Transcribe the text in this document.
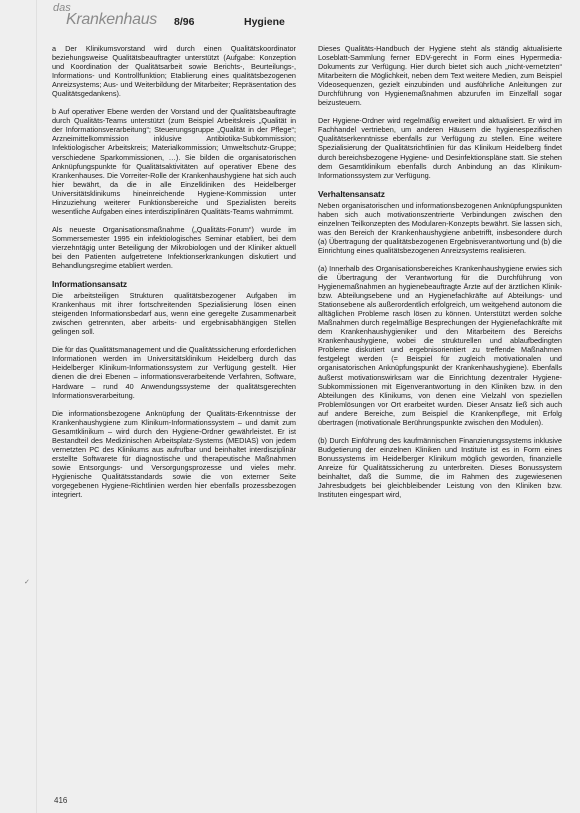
das
Krankenhaus 8/96	Hygiene

a Der Klinikumsvorstand wird durch einen Qualitätskoordinator beziehungsweise Qualitätsbeauftragter unterstützt (Aufgabe: Konzeption und Koordination der Qualitätsarbeit sowie Berichts-, Beurteilungs-, Informations- und Kontrollfunktion; Etablierung eines qualitätsbezogenen Anreizsystems; Aus- und Weiterbildung der Mitarbeiter; Repräsentation des Qualitätsgedankens).

b Auf operativer Ebene werden der Vorstand und der Qualitätsbeauftragte durch Qualitäts-Teams unterstützt (zum Beispiel Arbeitskreis „Qualität in der Informationsverarbeitung“; Steuerungsgruppe „Qualität in der Pflege“; Arzneimittelkommission inklusive Antibiotika-Subkommission; Infektiologischer Arbeitskreis; Materialkommission; Umweltschutz-Gruppe; verschiedene Sparkommissionen, …). Sie bilden die organisatorischen Anknüpfungspunkte für Qualitätsaktivitäten auf operativer Ebene des Krankenhauses. Die Vorreiter-Rolle der Krankenhaushygiene hat sich auch hier bewährt, da die in alle Einzelkliniken des Heidelberger Universitätsklinikums hineinreichende Hygiene-Kommission unter Hinzuziehung weiterer Funktionsbereiche und Spezialisten bereits wesentliche Aufgaben eines interdisziplinären Qualitäts-Teams wahrnimmt.

Als neueste Organisationsmaßnahme („Qualitäts-Forum“) wurde im Sommersemester 1995 ein infektiologisches Seminar etabliert, bei dem vierzehntägig unter Beteiligung der Mikrobiologen und der Kliniker aktuell bei den Patienten aufgetretene Infektionserkrankungen diskutiert und Behandlungsregime etabliert werden.

Informationsansatz

Die arbeitsteiligen Strukturen qualitätsbezogener Aufgaben im Krankenhaus mit ihrer fortschreitenden Spezialisierung lösen einen steigenden Informationsbedarf aus, wenn eine geregelte Zusammenarbeit zwischen getrennten, aber arbeits- und ergebnisabhängigen Stellen gelingen soll.

Die für das Qualitätsmanagement und die Qualitätssicherung erforderlichen Informationen werden im Universitätsklinikum Heidelberg durch das Heidelberger Klinikum-Informationssystem zur Verfügung gestellt. Hier dienen die drei Ebenen – informationsverarbeitende Verfahren, Software, Hardware – rund 40 Anwendungssysteme der qualitätsgerechten Informationsverarbeitung.

Die informationsbezogene Anknüpfung der Qualitäts-Erkenntnisse der Krankenhaushygiene zum Klinikum-Informationssystem – und damit zum Gesamtklinikum – wird durch den Hygiene-Ordner gewährleistet. Er ist Bestandteil des Medizinischen Arbeitsplatz-Systems (MEDIAS) von jedem vernetzten PC des Klinikums aus aufrufbar und beinhaltet interdisziplinär erstellte Softwarete für diagnostische und therapeutische Maßnahmen sowie Entsorgungs- und Versorgungsprozesse und vieles mehr. Hygienische Qualitätsstandards sowie die von externer Seite vorgegebenen Hygiene-Richtlinien werden hier ebenfalls prozessbezogen integriert.

Dieses Qualitäts-Handbuch der Hygiene steht als ständig aktualisierte Loseblatt-Sammlung ferner EDV-gerecht in Form eines Hypermedia-Dokuments zur Verfügung. Hier durch bietet sich auch „nicht-vernetzten“ Mitarbeitern die Möglichkeit, neben dem Text weitere Medien, zum Beispiel Videosequenzen, gezielt einzubinden und ausführliche Anleitungen zur Durchführung von Hygienemaßnahmen abzurufen im Einzelfall sogar beizusteuern.

Der Hygiene-Ordner wird regelmäßig erweitert und aktualisiert. Er wird im Fachhandel vertrieben, um anderen Häusern die hygienespezifischen Qualitätserkenntnisse ebenfalls zur Verfügung zu stellen. Eine weitere Spezialisierung der Qualitätsrichtlinien für das Klinikum Heidelberg findet durch bereichsbezogene Hygiene- und Desinfektionspläne statt. Sie stehen dem Gesamtklinikum ebenfalls durch Anbindung an das Klinikum-Informationssystem zur Verfügung.

Verhaltensansatz

Neben organisatorischen und informationsbezogenen Anknüpfungspunkten haben sich auch motivationszentrierte Verbindungen zwischen den einzelnen Teilkonzepten des Modularen-Konzepts bewährt. Sie lassen sich, was den Bereich der Krankenhaushygiene anbetrifft, insbesondere durch (a) Übertragung der qualitätsbezogenen Ergebnisverantwortung und (b) die Einrichtung eines qualitätsbezogenen Anreizsystems realisieren.

(a) Innerhalb des Organisationsbereiches Krankenhaushygiene erwies sich die Übertragung der Verantwortung für die Durchführung von Hygienemaßnahmen an hygienebeauftragte Ärzte auf der ärztlichen Klinik- bzw. Abteilungsebene und an Hygienefachkräfte auf Abteilungs- und Stationsebene als außerordentlich erfolgreich, um weitgehend autonom die alltäglichen Probleme rasch lösen zu können. Unterstützt werden solche Maßnahmen durch regelmäßige Besprechungen der Hygienefachkräfte mit dem Krankenhaushygieniker und den Mitarbeitern des Bereichs Krankenhaushygiene, wobei die strukturellen und ablaufbedingten Probleme diskutiert und ergebnisorientiert zu treffende Maßnahmen festgelegt werden (= Beispiel für zugleich motivationalen und organisatorischen Anknüpfungspunkt der Krankenhaushygiene). Ebenfalls äußerst motivationswirksam war die Einrichtung dezentraler Hygiene-Subkommissionen mit Eigenverantwortung in den Kliniken bzw. in den Abteilungen des Klinikums, von denen eine Vielzahl von speziellen Problemlösungen vor Ort erarbeitet wurden. Dieser Ansatz ließ sich auch auf andere Bereiche, zum Beispiel die Krankenpflege, mit Erfolg übertragen (motivationale Berührungspunkte zwischen den Modulen).

(b) Durch Einführung des kaufmännischen Finanzierungssystems inklusive Budgetierung der einzelnen Kliniken und Institute ist es in Form eines Bonussystems im Heidelberger Klinikum möglich geworden, finanzielle Anreize für Qualitätssicherung zu unterbreiten. Dieses Bonussystem beinhaltet, daß die Summe, die im Rahmen des zugewiesenen Jahresbudgets bei gleichbleibender Leistung von den Kliniken bzw. Instituten eingespart wird,

✓
416
